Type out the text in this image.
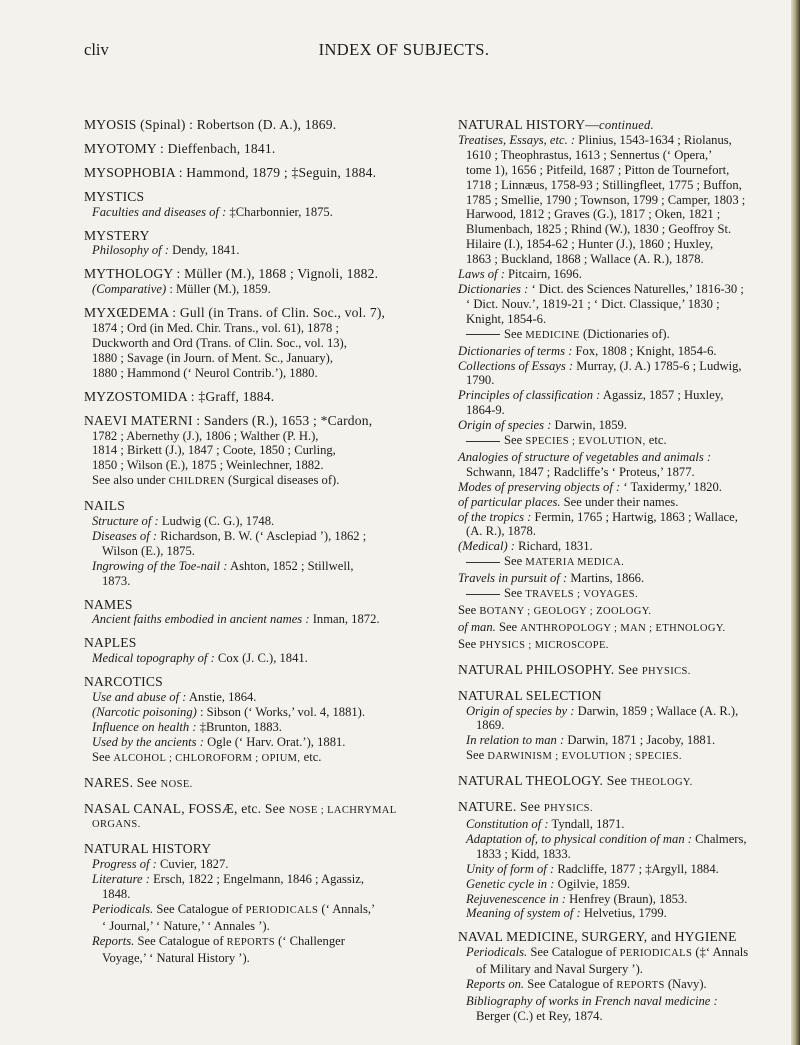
cliv	INDEX OF SUBJECTS.
MYOSIS (Spinal) : Robertson (D. A.), 1869.
MYOTOMY : Dieffenbach, 1841.
MYSOPHOBIA : Hammond, 1879 ; ‡Seguin, 1884.
MYSTICS
Faculties and diseases of : ‡Charbonnier, 1875.
MYSTERY
Philosophy of : Dendy, 1841.
MYTHOLOGY : Müller (M.), 1868 ; Vignoli, 1882.
(Comparative) : Müller (M.), 1859.
MYXŒDEMA : Gull (in Trans. of Clin. Soc., vol. 7),
1874 ; Ord (in Med. Chir. Trans., vol. 61), 1878 ;
Duckworth and Ord (Trans. of Clin. Soc., vol. 13),
1880 ; Savage (in Journ. of Ment. Sc., January),
1880 ; Hammond (‘ Neurol Contrib.’), 1880.
MYZOSTOMIDA : ‡Graff, 1884.
NAEVI MATERNI : Sanders (R.), 1653 ; *Cardon,
1782 ; Abernethy (J.), 1806 ; Walther (P. H.),
1814 ; Birkett (J.), 1847 ; Coote, 1850 ; Curling,
1850 ; Wilson (E.), 1875 ; Weinlechner, 1882.
See also under CHILDREN (Surgical diseases of).
NAILS
Structure of : Ludwig (C. G.), 1748.
Diseases of : Richardson, B. W. (‘ Asclepiad ’), 1862 ;
Wilson (E.), 1875.
Ingrowing of the Toe-nail : Ashton, 1852 ; Stillwell,
1873.
NAMES
Ancient faiths embodied in ancient names : Inman, 1872.
NAPLES
Medical topography of : Cox (J. C.), 1841.
NARCOTICS
Use and abuse of : Anstie, 1864.
(Narcotic poisoning) : Sibson (‘ Works,’ vol. 4, 1881).
Influence on health : ‡Brunton, 1883.
Used by the ancients : Ogle (‘ Harv. Orat.’), 1881.
See ALCOHOL ; CHLOROFORM ; OPIUM, etc.
NARES. See NOSE.
NASAL CANAL, FOSSÆ, etc. See NOSE ; LACHRYMAL
ORGANS.
NATURAL HISTORY
Progress of : Cuvier, 1827.
Literature : Ersch, 1822 ; Engelmann, 1846 ; Agassiz,
1848.
Periodicals. See Catalogue of PERIODICALS (‘ Annals,’
‘ Journal,’ ‘ Nature,’ ‘ Annales ’).
Reports. See Catalogue of REPORTS (‘ Challenger
Voyage,’ ‘ Natural History ’).
NATURAL HISTORY—continued.
Treatises, Essays, etc. : Plinius, 1543-1634 ; Riolanus,
1610 ; Theophrastus, 1613 ; Sennertus (‘ Opera,’
tome 1), 1656 ; Pitfeild, 1687 ; Pitton de Tournefort,
1718 ; Linnæus, 1758-93 ; Stillingfleet, 1775 ; Buffon,
1785 ; Smellie, 1790 ; Townson, 1799 ; Camper, 1803 ;
Harwood, 1812 ; Graves (G.), 1817 ; Oken, 1821 ;
Blumenbach, 1825 ; Rhind (W.), 1830 ; Geoffroy St.
Hilaire (I.), 1854-62 ; Hunter (J.), 1860 ; Huxley,
1863 ; Buckland, 1868 ; Wallace (A. R.), 1878.
Laws of : Pitcairn, 1696.
Dictionaries : ‘ Dict. des Sciences Naturelles,’ 1816-30 ;
‘ Dict. Nouv.’, 1819-21 ; ‘ Dict. Classique,’ 1830 ;
Knight, 1854-6.
See MEDICINE (Dictionaries of).
Dictionaries of terms : Fox, 1808 ; Knight, 1854-6.
Collections of Essays : Murray, (J. A.) 1785-6 ; Ludwig,
1790.
Principles of classification : Agassiz, 1857 ; Huxley,
1864-9.
Origin of species : Darwin, 1859.
See SPECIES ; EVOLUTION, etc.
Analogies of structure of vegetables and animals :
Schwann, 1847 ; Radcliffe’s ‘ Proteus,’ 1877.
Modes of preserving objects of : ‘ Taxidermy,’ 1820.
of particular places. See under their names.
of the tropics : Fermin, 1765 ; Hartwig, 1863 ; Wallace,
(A. R.), 1878.
(Medical) : Richard, 1831.
See MATERIA MEDICA.
Travels in pursuit of : Martins, 1866.
See TRAVELS ; VOYAGES.
See BOTANY ; GEOLOGY ; ZOOLOGY.
of man. See ANTHROPOLOGY ; MAN ; ETHNOLOGY.
See PHYSICS ; MICROSCOPE.
NATURAL PHILOSOPHY. See PHYSICS.
NATURAL SELECTION
Origin of species by : Darwin, 1859 ; Wallace (A. R.),
1869.
In relation to man : Darwin, 1871 ; Jacoby, 1881.
See DARWINISM ; EVOLUTION ; SPECIES.
NATURAL THEOLOGY. See THEOLOGY.
NATURE. See PHYSICS.
Constitution of : Tyndall, 1871.
Adaptation of, to physical condition of man : Chalmers,
1833 ; Kidd, 1833.
Unity of form of : Radcliffe, 1877 ; ‡Argyll, 1884.
Genetic cycle in : Ogilvie, 1859.
Rejuvenescence in : Henfrey (Braun), 1853.
Meaning of system of : Helvetius, 1799.
NAVAL MEDICINE, SURGERY, and HYGIENE
Periodicals. See Catalogue of PERIODICALS (‡‘ Annals
of Military and Naval Surgery ’).
Reports on. See Catalogue of REPORTS (Navy).
Bibliography of works in French naval medicine :
Berger (C.) et Rey, 1874.
